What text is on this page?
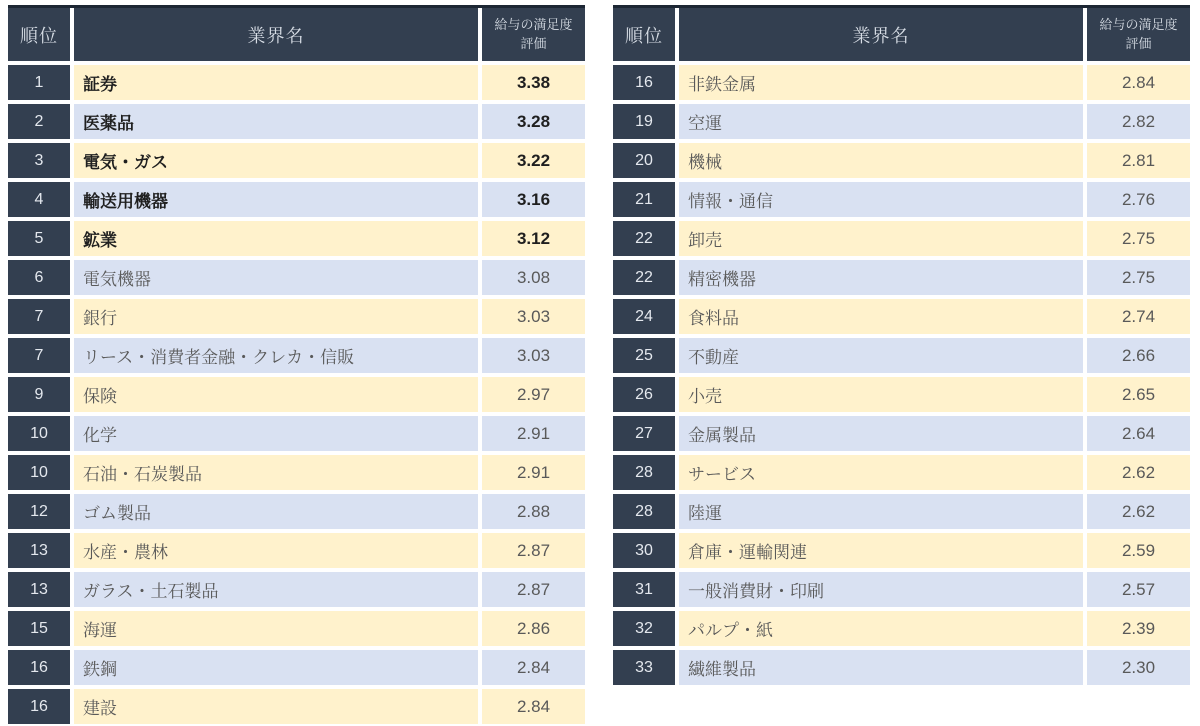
順位	業界名
給与の満足度
評価
1	証券	3.38
2	医薬品	3.28
3	電気・ガス	3.22
4	輸送用機器	3.16
5	鉱業	3.12
6	電気機器	3.08
7	銀行	3.03
7	リース・消費者金融・クレカ・信販	3.03
9	保険	2.97
10	化学	2.91
10	石油・石炭製品	2.91
12	ゴム製品	2.88
13	水産・農林	2.87
13	ガラス・土石製品	2.87
15	海運	2.86
16	鉄鋼	2.84
16	建設	2.84
順位	業界名
給与の満足度
評価
16	非鉄金属	2.84
19	空運	2.82
20	機械	2.81
21	情報・通信	2.76
22	卸売	2.75
22	精密機器	2.75
24	食料品	2.74
25	不動産	2.66
26	小売	2.65
27	金属製品	2.64
28	サービス	2.62
28	陸運	2.62
30	倉庫・運輸関連	2.59
31	一般消費財・印刷	2.57
32	パルプ・紙	2.39
33	繊維製品	2.30
